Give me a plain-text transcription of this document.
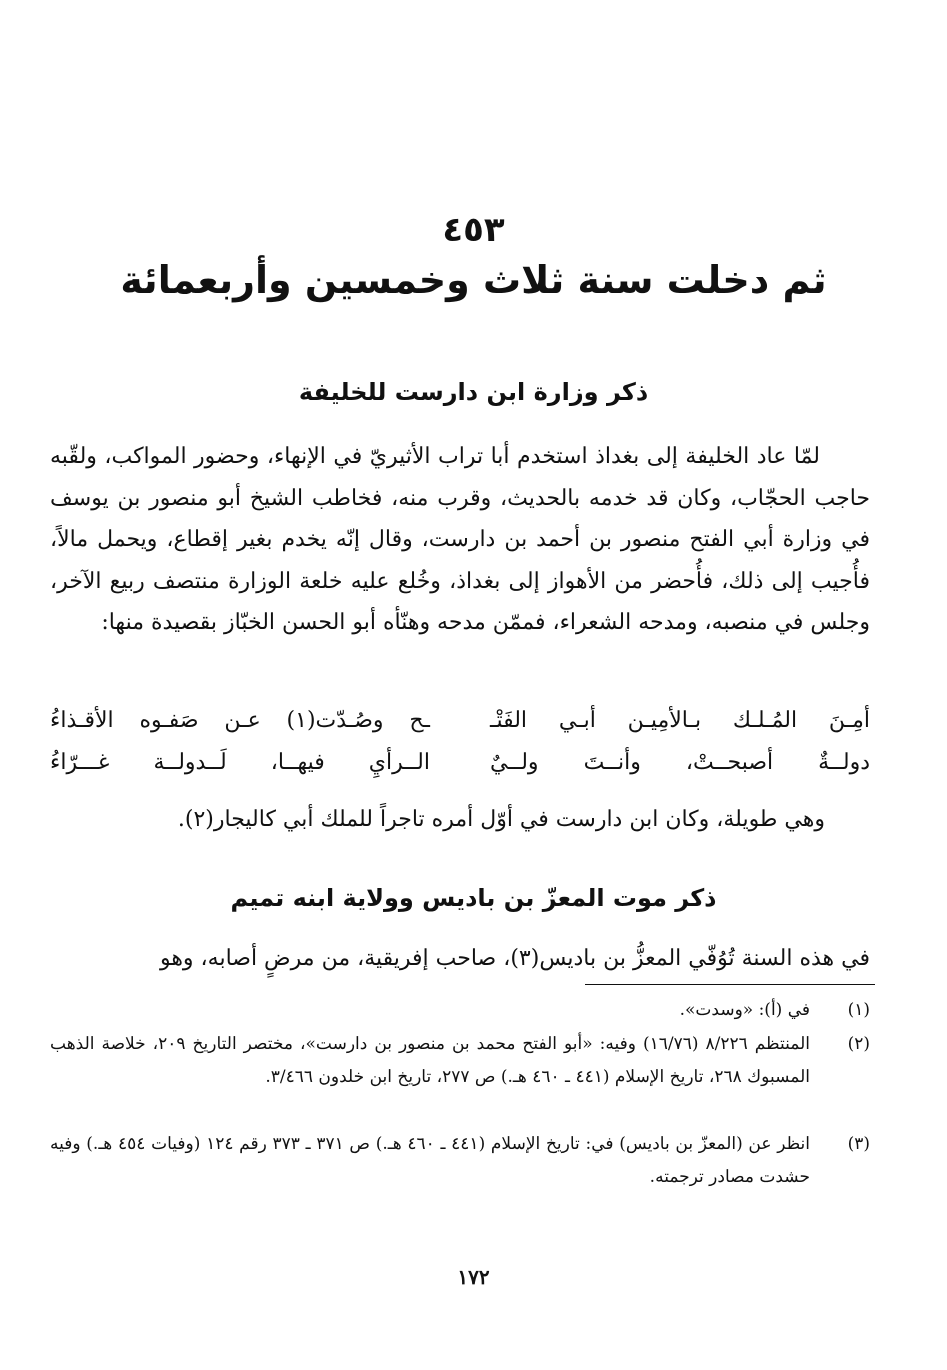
٤٥٣
ثم دخلت سنة ثلاث وخمسين وأربعمائة
ذكر وزارة ابن دارست للخليفة
لمّا عاد الخليفة إلى بغداذ استخدم أبا تراب الأثيريّ في الإنهاء، وحضور المواكب، ولقّبه حاجب الحجّاب، وكان قد خدمه بالحديث، وقرب منه، فخاطب الشيخ أبو منصور بن يوسف في وزارة أبي الفتح منصور بن أحمد بن دارست، وقال إنّه يخدم بغير إقطاع، ويحمل مالاً، فأُجيب إلى ذلك، فأُحضر من الأهواز إلى بغداذ، وخُلع عليه خلعة الوزارة منتصف ربيع الآخر، وجلس في منصبه، ومدحه الشعراء، فممّن مدحه وهنّأه أبو الحسن الخبّاز بقصيدة منها:
أمِـنَ المُـلـك بـالأمِيـن أبـي الفَتْـ
ـح وصُـدّت(١) عـن صَفـوه الأقـذاءُ
دولــةٌ أصبحــتْ، وأنــتَ ولــيٌ
الــرأيِ فيهــا، لَــدولــة غـــرّاءُ
وهي طويلة، وكان ابن دارست في أوّل أمره تاجراً للملك أبي كاليجار(٢).
ذكر موت المعزّ بن باديس وولاية ابنه تميم
في هذه السنة تُوُفّي المعزُّ بن باديس(٣)، صاحب إفريقية، من مرضٍ أصابه، وهو
(١)
في (أ): «وسدت».
(٢)
المنتظم ٨/٢٢٦ (١٦/٧٦) وفيه: «أبو الفتح محمد بن منصور بن دارست»، مختصر التاريخ ٢٠٩، خلاصة الذهب المسبوك ٢٦٨، تاريخ الإسلام (٤٤١ ـ ٤٦٠ هـ.) ص ٢٧٧، تاريخ ابن خلدون ٣/٤٦٦.
(٣)
انظر عن (المعزّ بن باديس) في: تاريخ الإسلام (٤٤١ ـ ٤٦٠ هـ.) ص ٣٧١ ـ ٣٧٣ رقم ١٢٤ (وفيات ٤٥٤ هـ.) وفيه حشدت مصادر ترجمته.
١٧٢
